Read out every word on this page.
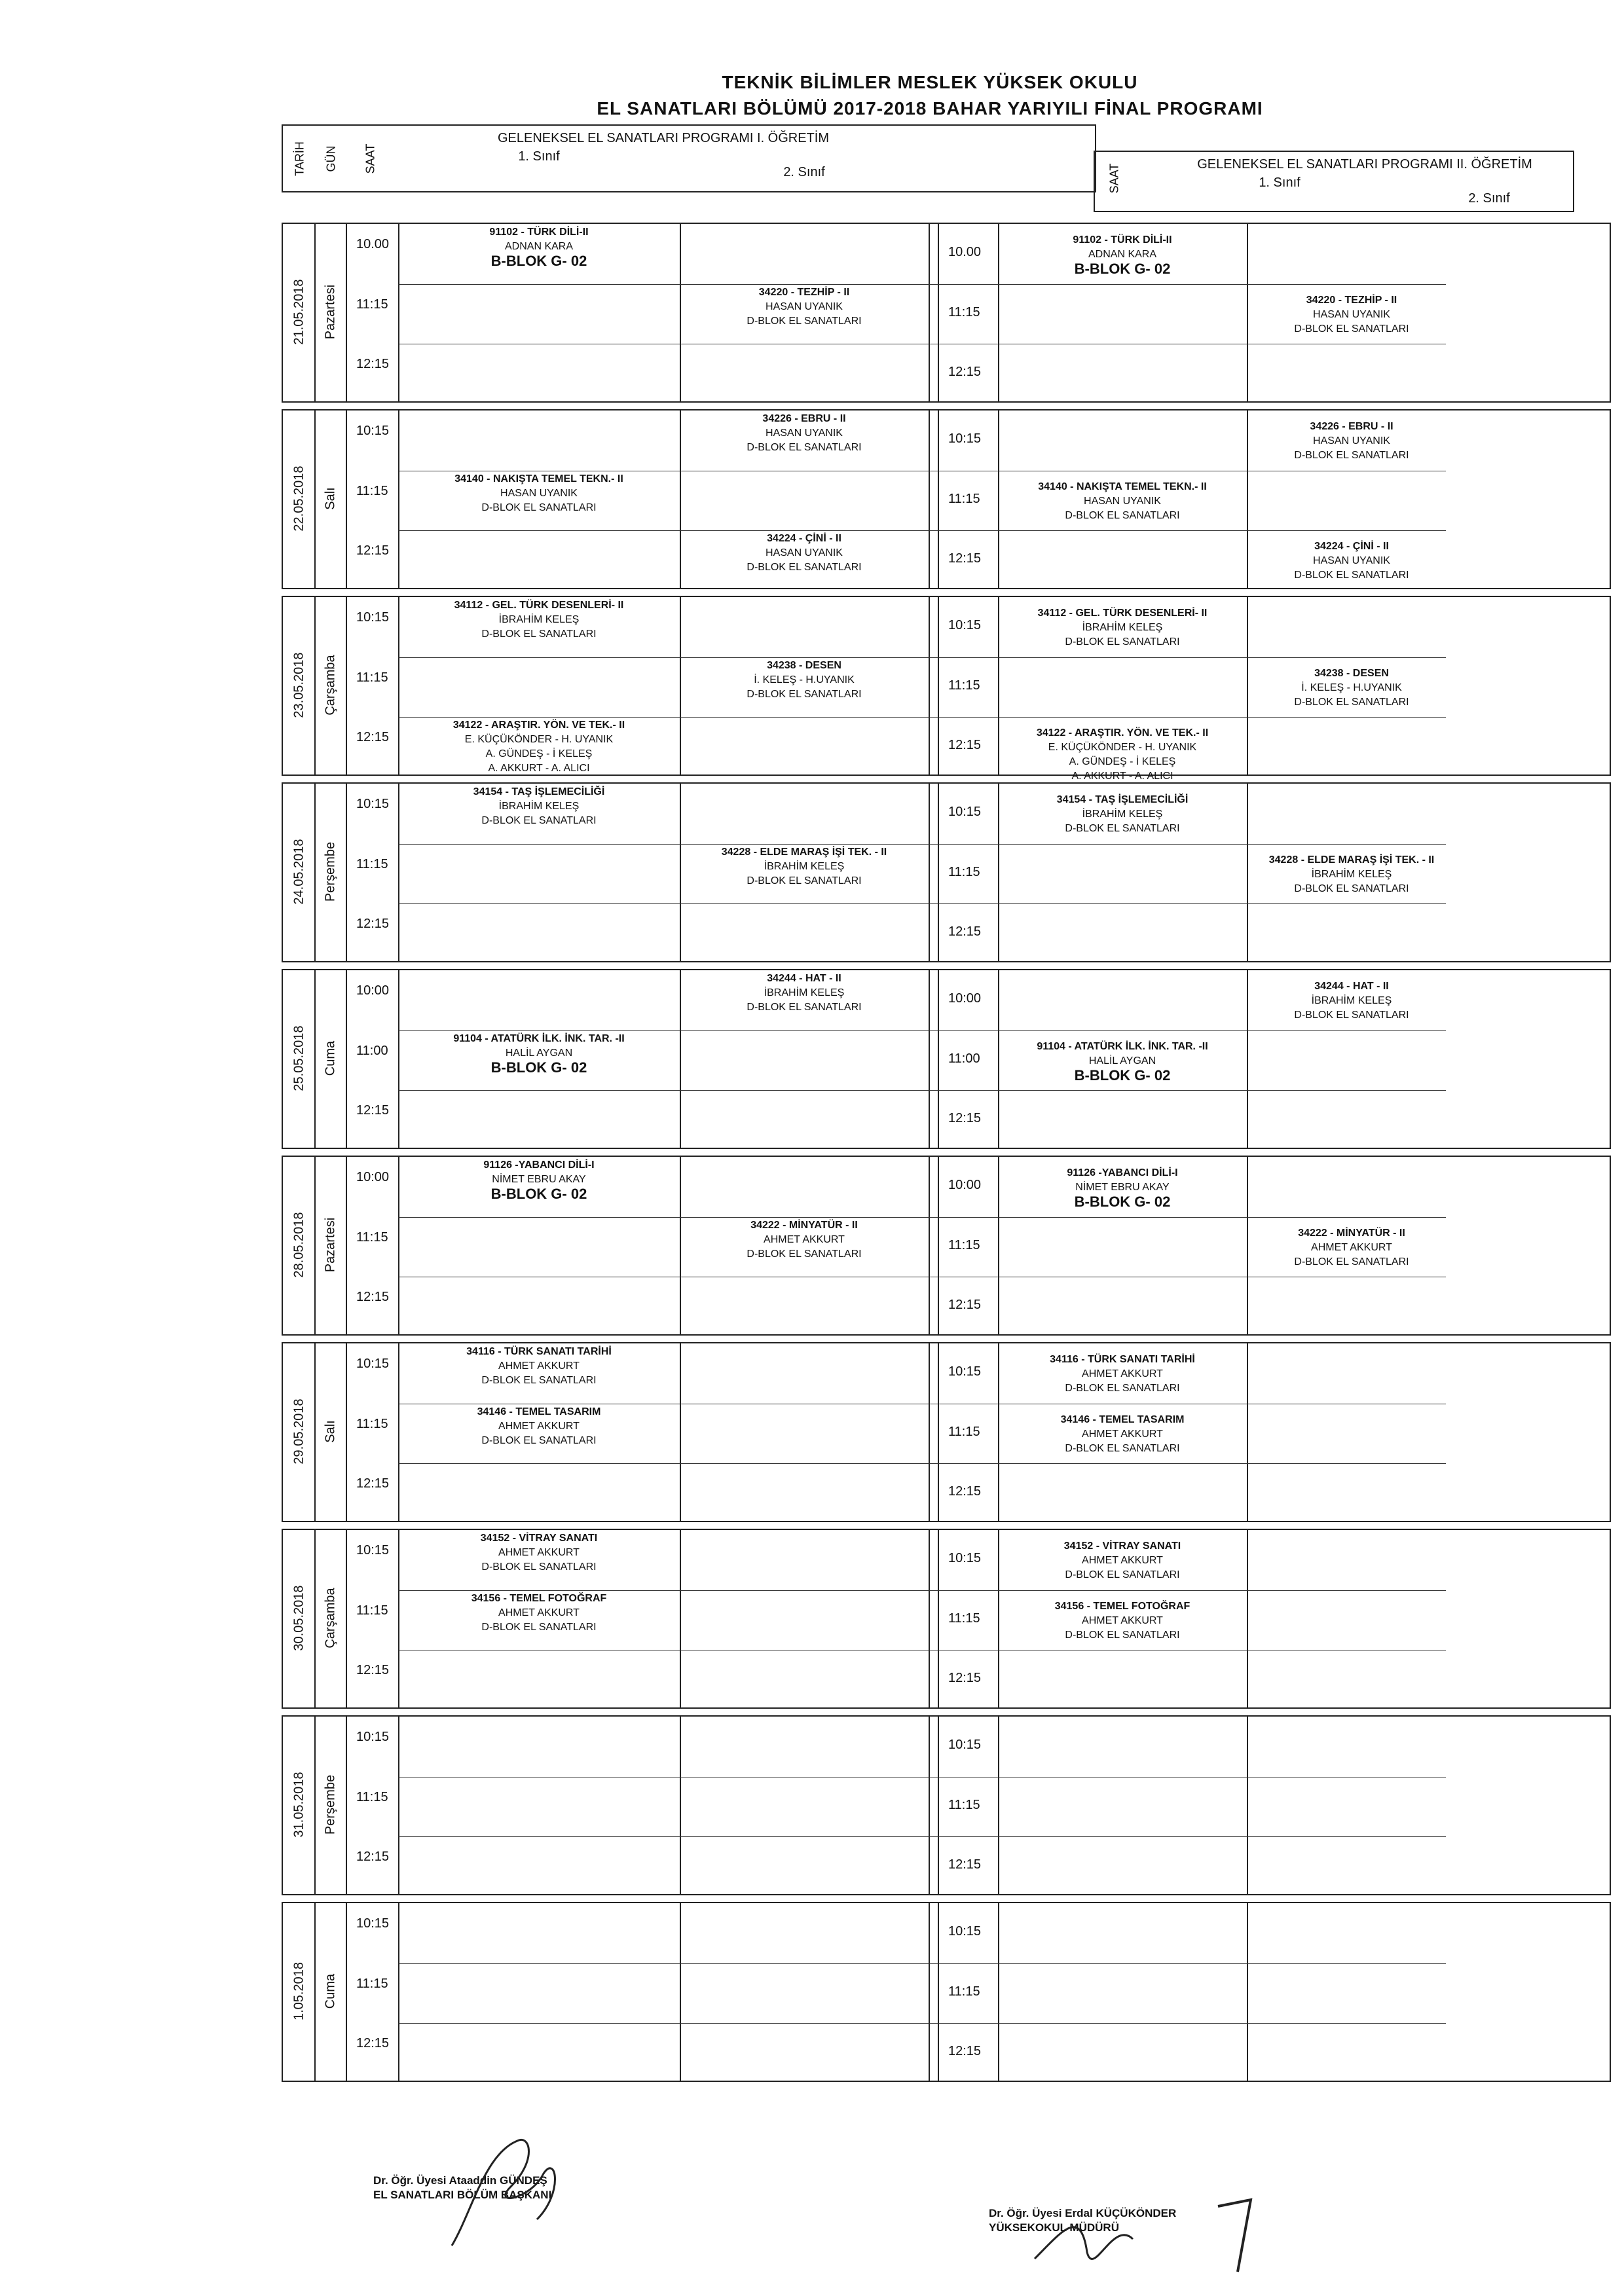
TEKNİK BİLİMLER MESLEK YÜKSEK OKULU
EL SANATLARI BÖLÜMÜ 2017-2018 BAHAR YARIYILI FİNAL PROGRAMI
TARİH GÜN SAAT
GELENEKSEL EL SANATLARI PROGRAMI I. ÖĞRETİM
1. Sınıf
2. Sınıf	SAAT	GELENEKSEL EL SANATLARI PROGRAMI II. ÖĞRETİM
1. Sınıf
2. Sınıf
21.05.2018 Pazartesi
10.00
10.00
91102 - TÜRK DİLİ-II
ADNAN KARA
B-BLOK G- 02
91102 - TÜRK DİLİ-II
ADNAN KARA
B-BLOK G- 02
11:15
11:15
34220 - TEZHİP - II
HASAN UYANIK
D-BLOK EL SANATLARI
34220 - TEZHİP - II
HASAN UYANIK
D-BLOK EL SANATLARI
12:15
12:15
22.05.2018 Salı
10:15
10:15
34226 - EBRU - II
HASAN UYANIK
D-BLOK EL SANATLARI
34226 - EBRU - II
HASAN UYANIK
D-BLOK EL SANATLARI
11:15
11:15
34140 - NAKIŞTA TEMEL TEKN.- II
HASAN UYANIK
D-BLOK EL SANATLARI
34140 - NAKIŞTA TEMEL TEKN.- II
HASAN UYANIK
D-BLOK EL SANATLARI
12:15
12:15
34224 - ÇİNİ - II
HASAN UYANIK
D-BLOK EL SANATLARI
34224 - ÇİNİ - II
HASAN UYANIK
D-BLOK EL SANATLARI
23.05.2018 Çarşamba
10:15
10:15
34112 - GEL. TÜRK DESENLERİ- II
İBRAHİM KELEŞ
D-BLOK EL SANATLARI
34112 - GEL. TÜRK DESENLERİ- II
İBRAHİM KELEŞ
D-BLOK EL SANATLARI
11:15
11:15
34238 - DESEN
İ. KELEŞ - H.UYANIK
D-BLOK EL SANATLARI
34238 - DESEN
İ. KELEŞ - H.UYANIK
D-BLOK EL SANATLARI
12:15
12:15
34122 - ARAŞTIR. YÖN. VE TEK.- II
E. KÜÇÜKÖNDER - H. UYANIK
A. GÜNDEŞ - İ KELEŞ
A. AKKURT - A. ALICI
34122 - ARAŞTIR. YÖN. VE TEK.- II
E. KÜÇÜKÖNDER - H. UYANIK
A. GÜNDEŞ - İ KELEŞ
A. AKKURT - A. ALICI
24.05.2018 Perşembe
10:15
10:15
34154 - TAŞ İŞLEMECİLİĞİ
İBRAHİM KELEŞ
D-BLOK EL SANATLARI
34154 - TAŞ İŞLEMECİLİĞİ
İBRAHİM KELEŞ
D-BLOK EL SANATLARI
11:15
11:15
34228 - ELDE MARAŞ İŞİ TEK. - II
İBRAHİM KELEŞ
D-BLOK EL SANATLARI
34228 - ELDE MARAŞ İŞİ TEK. - II
İBRAHİM KELEŞ
D-BLOK EL SANATLARI
12:15
12:15
25.05.2018 Cuma
10:00
10:00
34244 - HAT - II
İBRAHİM KELEŞ
D-BLOK EL SANATLARI
34244 - HAT - II
İBRAHİM KELEŞ
D-BLOK EL SANATLARI
11:00
11:00
91104 - ATATÜRK İLK. İNK. TAR. -II
HALİL AYGAN
B-BLOK G- 02
91104 - ATATÜRK İLK. İNK. TAR. -II
HALİL AYGAN
B-BLOK G- 02
12:15
12:15
28.05.2018 Pazartesi
10:00
10:00
91126 -YABANCI DİLİ-I
NİMET EBRU AKAY
B-BLOK G- 02
91126 -YABANCI DİLİ-I
NİMET EBRU AKAY
B-BLOK G- 02
11:15
11:15
34222 - MİNYATÜR - II
AHMET AKKURT
D-BLOK EL SANATLARI
34222 - MİNYATÜR - II
AHMET AKKURT
D-BLOK EL SANATLARI
12:15
12:15
29.05.2018 Salı
10:15
10:15
34116 - TÜRK SANATI TARİHİ
AHMET AKKURT
D-BLOK EL SANATLARI
34116 - TÜRK SANATI TARİHİ
AHMET AKKURT
D-BLOK EL SANATLARI
11:15
11:15
34146 - TEMEL TASARIM
AHMET AKKURT
D-BLOK EL SANATLARI
34146 - TEMEL TASARIM
AHMET AKKURT
D-BLOK EL SANATLARI
12:15
12:15
30.05.2018 Çarşamba
10:15
10:15
34152 - VİTRAY SANATI
AHMET AKKURT
D-BLOK EL SANATLARI
34152 - VİTRAY SANATI
AHMET AKKURT
D-BLOK EL SANATLARI
11:15
11:15
34156 - TEMEL FOTOĞRAF
AHMET AKKURT
D-BLOK EL SANATLARI
34156 - TEMEL FOTOĞRAF
AHMET AKKURT
D-BLOK EL SANATLARI
12:15
12:15
31.05.2018 Perşembe
10:15
10:15
11:15
11:15
12:15
12:15
1.05.2018 Cuma
10:15
10:15
11:15
11:15
12:15
12:15
Dr. Öğr. Üyesi Ataaddin GÜNDEŞ
EL SANATLARI BÖLÜM BAŞKANI
Dr. Öğr. Üyesi Erdal KÜÇÜKÖNDER
YÜKSEKOKUL MÜDÜRÜ
